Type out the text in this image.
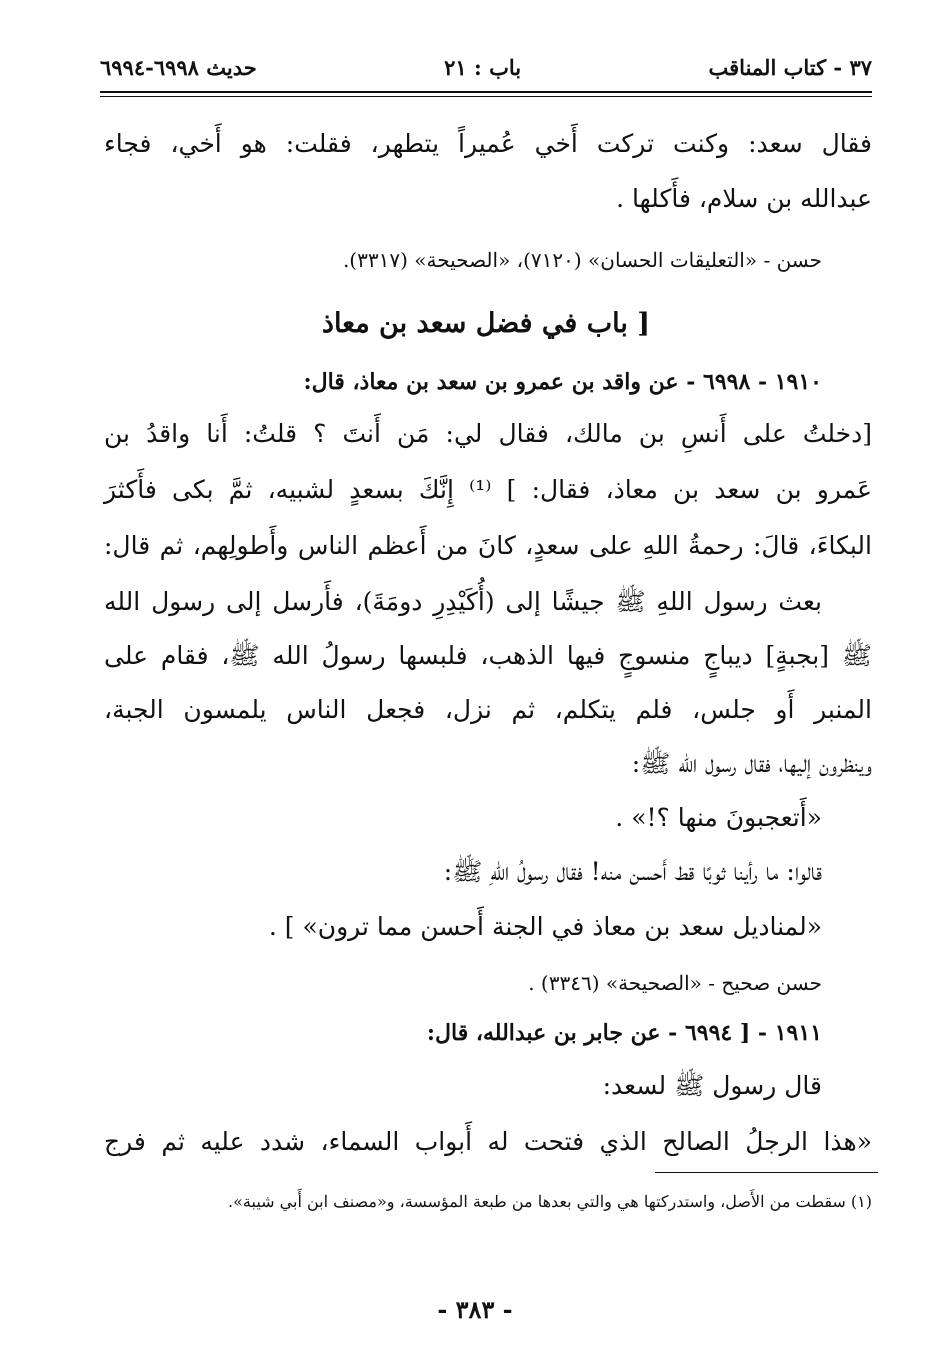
٣٧ - كتاب المناقب
باب : ٢١
حديث ٦٩٩٨-٦٩٩٤
فقال سعد: وكنت تركت أَخي عُميراً يتطهر، فقلت: هو أَخي، فجاء
عبدالله بن سلام، فأَكلها .
حسن - «التعليقات الحسان» (٧١٢٠)، «الصحيحة» (٣٣١٧).
[ باب في فضل سعد بن معاذ
١٩١٠ - ٦٩٩٨ - عن واقد بن عمرو بن سعد بن معاذ، قال:
[دخلتُ على أَنسِ بن مالك، فقال لي: مَن أَنتَ ؟ قلتُ: أَنا واقدُ بن
عَمرو بن سعد بن معاذ، فقال: ] ⁽¹⁾ إِنَّكَ بسعدٍ لشبيه، ثمَّ بكى فأَكثرَ
البكاءَ، قالَ: رحمةُ اللهِ على سعدٍ، كانَ من أَعظم الناس وأَطولِهم، ثم قال:
بعث رسول اللهِ ﷺ جيشًا إلى (أُكَيْدِرِ دومَةَ)، فأَرسل إلى رسول الله
ﷺ [بجبةٍ] ديباجٍ منسوجٍ فيها الذهب، فلبسها رسولُ الله ﷺ، فقام على
المنبر أَو جلس، فلم يتكلم، ثم نزل، فجعل الناس يلمسون الجبة،
وينظرون إليها، فقال رسول الله ﷺ:
«أَتعجبونَ منها ؟!» .
قالوا: ما رأينا ثوبًا قط أَحسن منه! فقال رسولُ اللهِ ﷺ:
«لمناديل سعد بن معاذ في الجنة أَحسن مما ترون» ] .
حسن صحيح - «الصحيحة» (٣٣٤٦) .
١٩١١ - [ ٦٩٩٤ - عن جابر بن عبدالله، قال:
قال رسول ﷺ لسعد:
«هذا الرجلُ الصالح الذي فتحت له أَبواب السماء، شدد عليه ثم فرج
(١) سقطت من الأَصل، واستدركتها هي والتي بعدها من طبعة المؤسسة، و«مصنف ابن أَبي شيبة».
- ٣٨٣ -
